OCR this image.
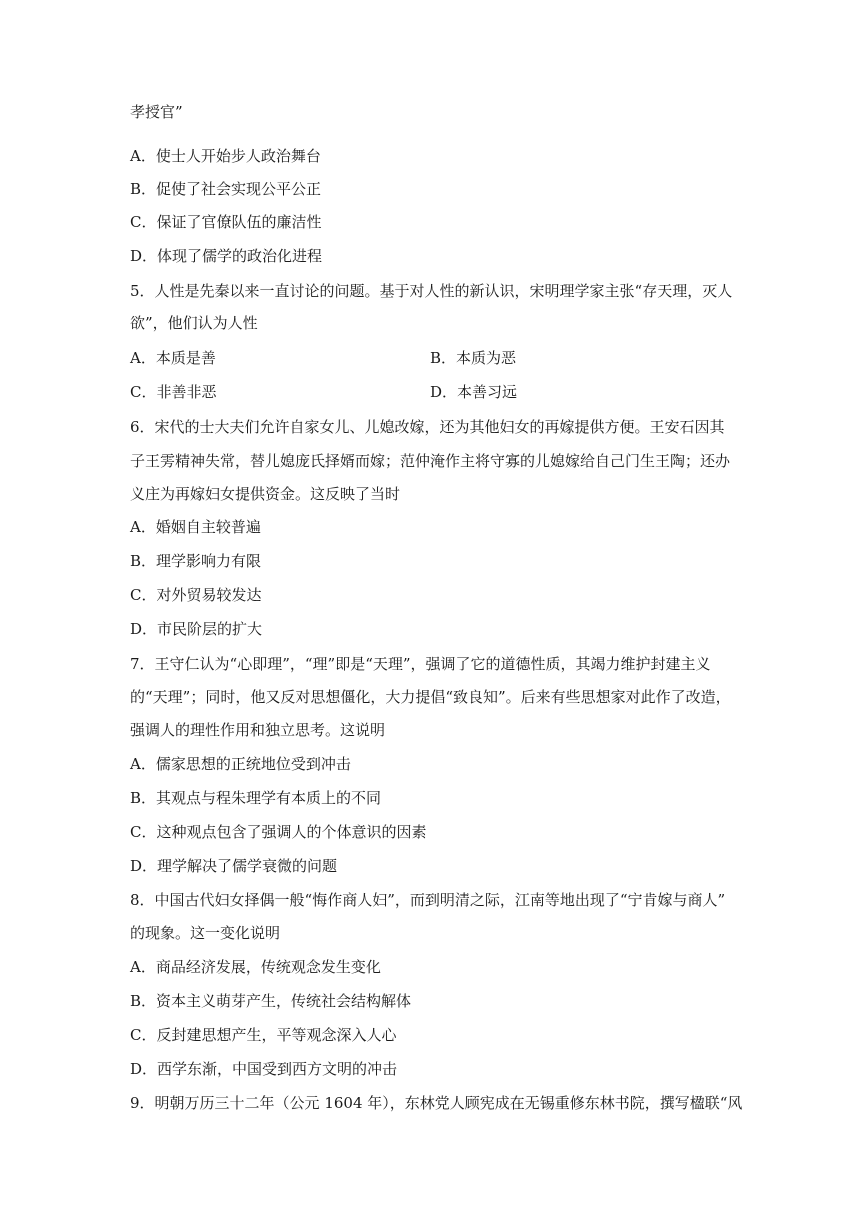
孝授官”
A．使士人开始步人政治舞台
B．促使了社会实现公平公正
C．保证了官僚队伍的廉洁性
D．体现了儒学的政治化进程
5．人性是先秦以来一直讨论的问题。基于对人性的新认识，宋明理学家主张“存天理，灭人
欲”，他们认为人性
A．本质是善	B．本质为恶
C．非善非恶	D．本善习远
6．宋代的士大夫们允许自家女儿、儿媳改嫁，还为其他妇女的再嫁提供方便。王安石因其
子王雱精神失常，替儿媳庞氏择婿而嫁；范仲淹作主将守寡的儿媳嫁给自己门生王陶；还办
义庄为再嫁妇女提供资金。这反映了当时
A．婚姻自主较普遍
B．理学影响力有限
C．对外贸易较发达
D．市民阶层的扩大
7．王守仁认为“心即理”，“理”即是“天理”，强调了它的道德性质，其竭力维护封建主义
的“天理”；同时，他又反对思想僵化，大力提倡“致良知”。后来有些思想家对此作了改造，
强调人的理性作用和独立思考。这说明
A．儒家思想的正统地位受到冲击
B．其观点与程朱理学有本质上的不同
C．这种观点包含了强调人的个体意识的因素
D．理学解决了儒学衰微的问题
8．中国古代妇女择偶一般“悔作商人妇”，而到明清之际，江南等地出现了“宁肯嫁与商人”
的现象。这一变化说明
A．商品经济发展，传统观念发生变化
B．资本主义萌芽产生，传统社会结构解体
C．反封建思想产生，平等观念深入人心
D．西学东渐，中国受到西方文明的冲击
9．明朝万历三十二年（公元 1604 年），东林党人顾宪成在无锡重修东林书院，撰写楹联“风
